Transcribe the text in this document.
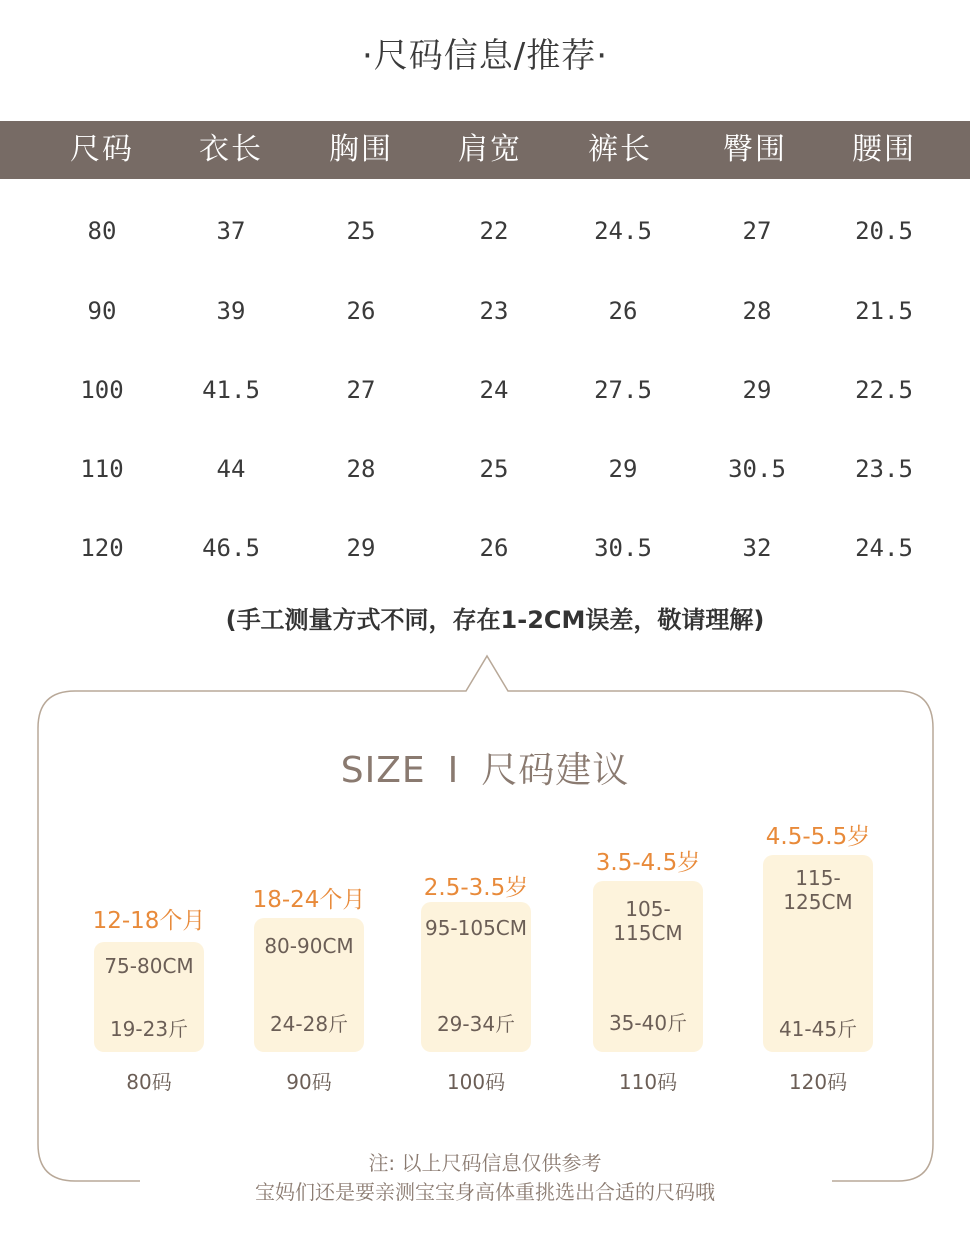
·尺码信息/推荐·
尺码	衣长	胸围	肩宽	裤长	臀围	腰围
80	37	25	22	24.5	27	20.5
90	39	26	23	26	28	21.5
100	41.5	27	24	27.5	29	22.5
110	44	28	25	29	30.5	23.5
120	46.5	29	26	30.5	32	24.5
(手工测量方式不同，存在1-2CM误差，敬请理解)
SIZE I 尺码建议
12-18个月
75-80CM
19-23斤
80码
18-24个月
80-90CM
24-28斤
90码
2.5-3.5岁
95-105CM
29-34斤
100码
3.5-4.5岁
105-115CM
35-40斤
110码
4.5-5.5岁
115-125CM
41-45斤
120码
注: 以上尺码信息仅供参考
宝妈们还是要亲测宝宝身高体重挑选出合适的尺码哦
